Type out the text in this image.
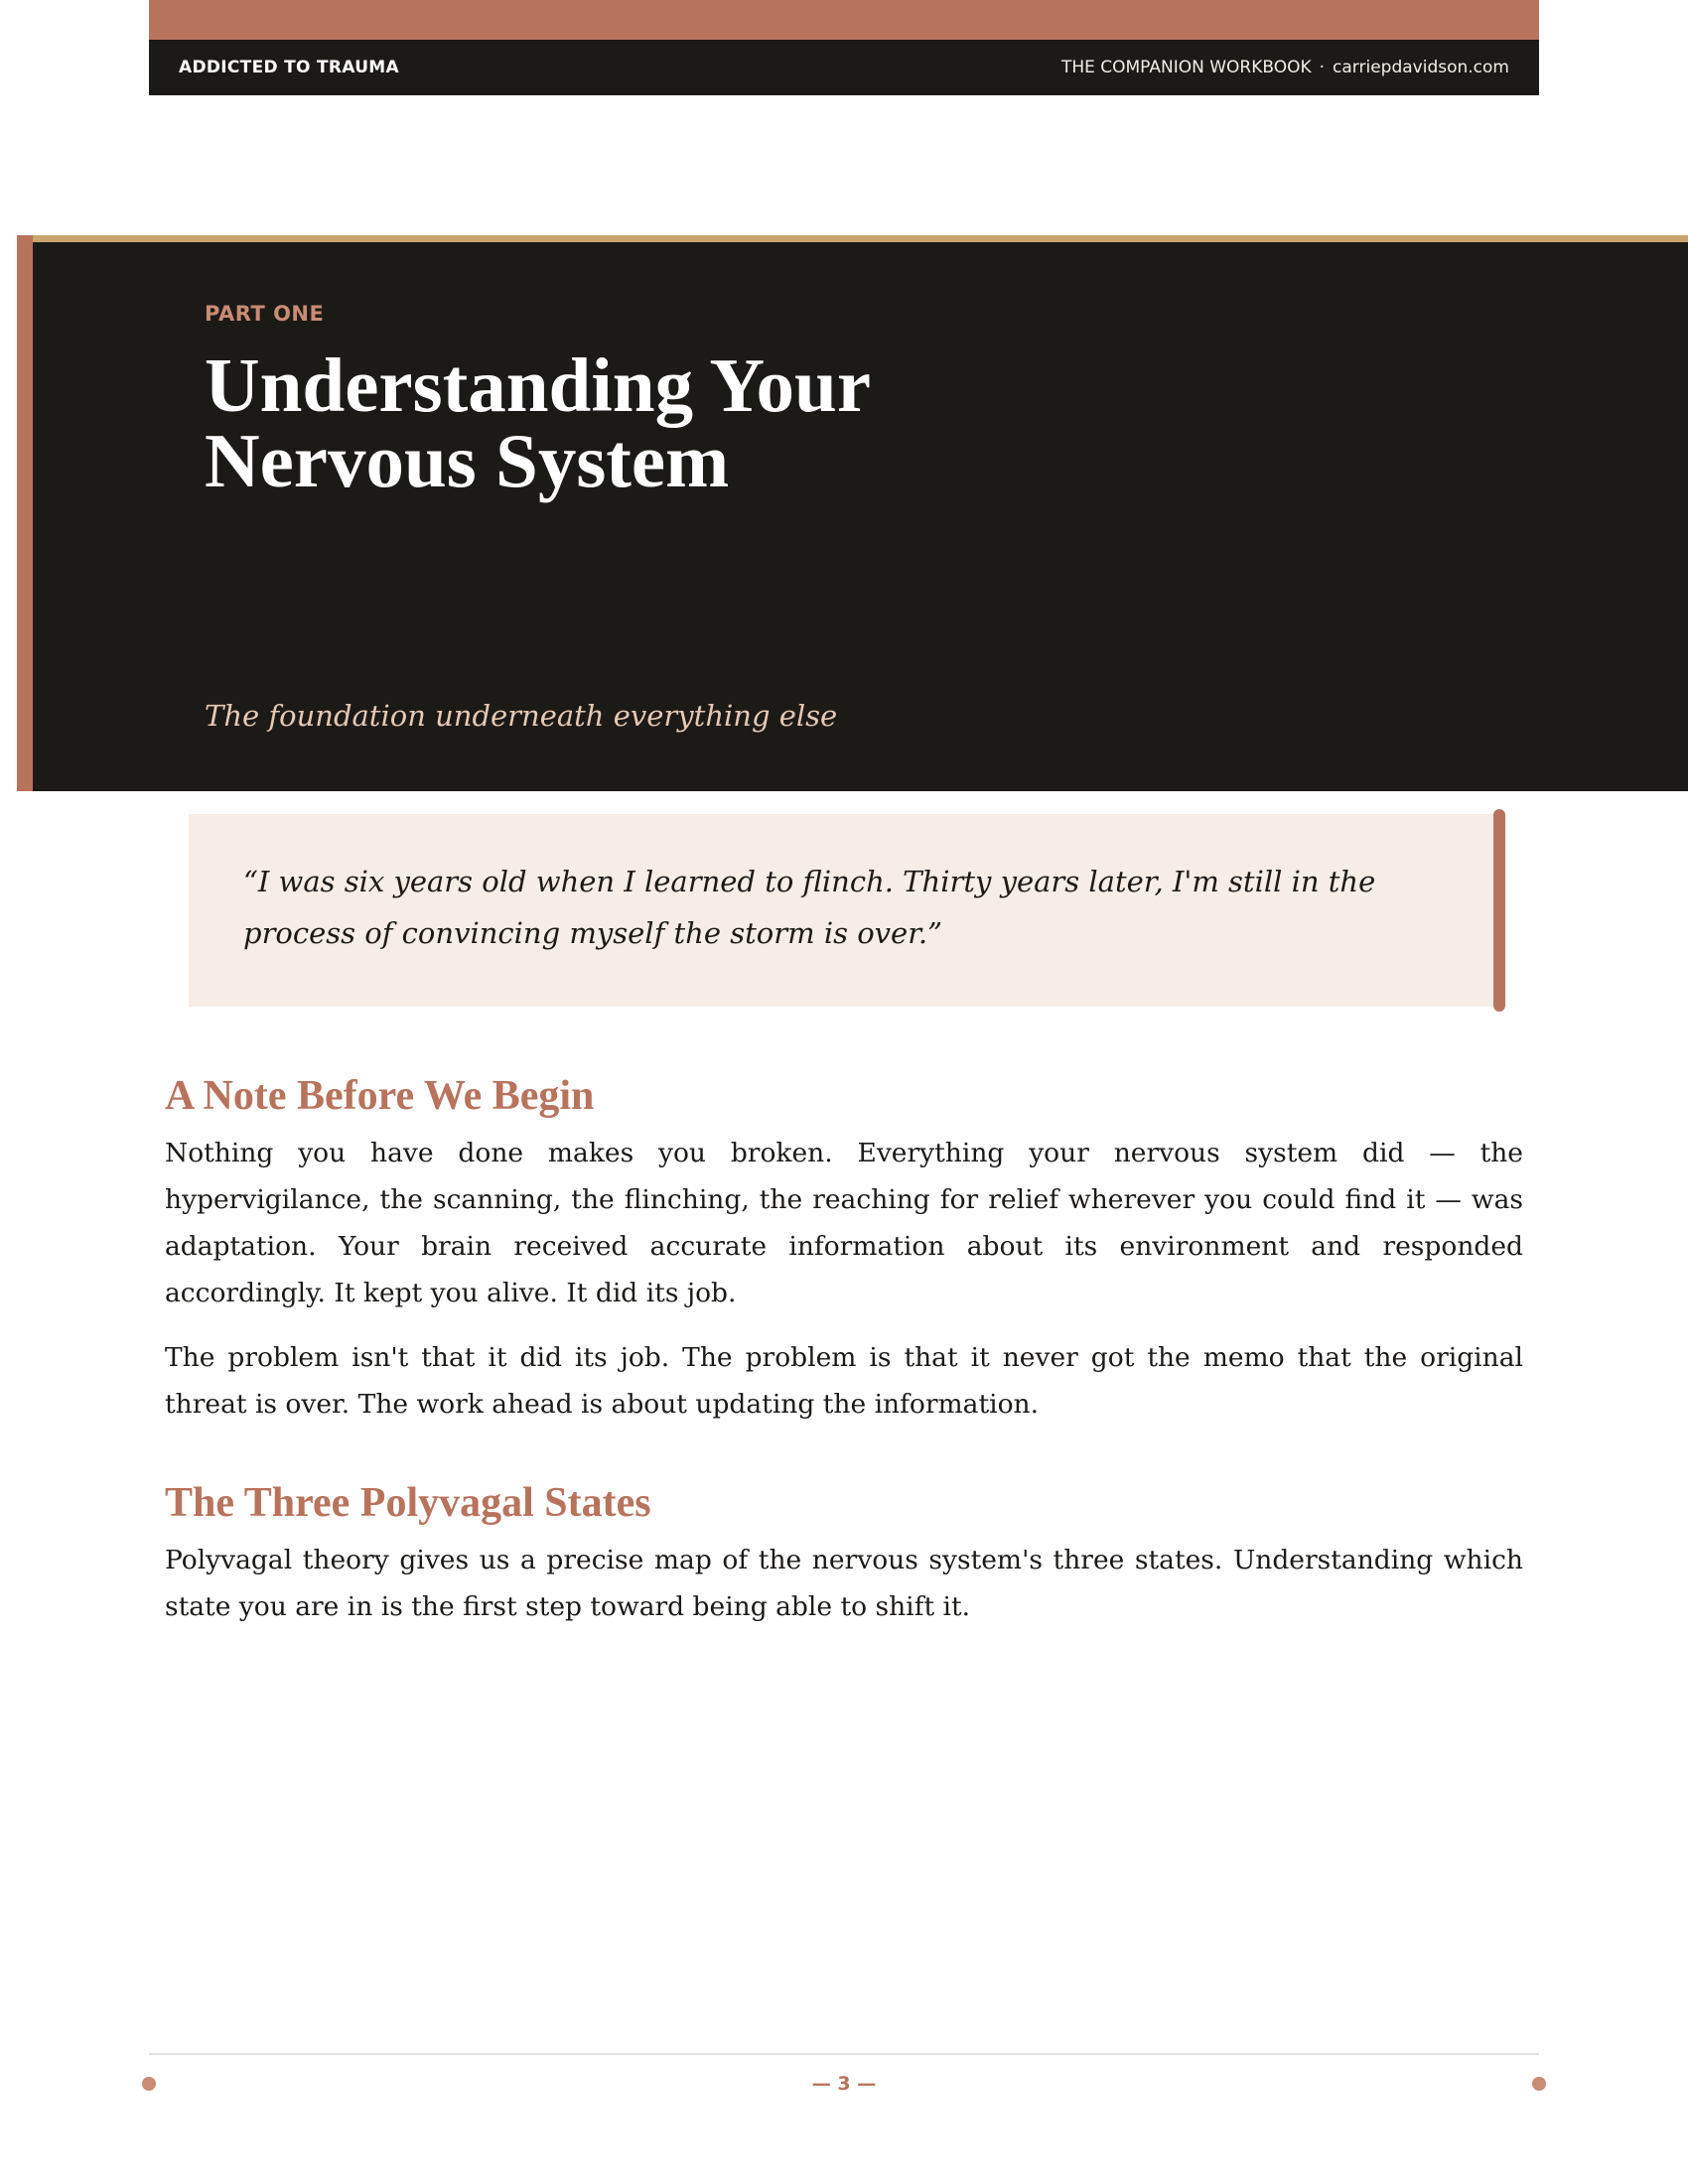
ADDICTED TO TRAUMA	THE COMPANION WORKBOOK · carriepdavidson.com
PART ONE
Understanding Your
Nervous System
The foundation underneath everything else

“I was six years old when I learned to flinch. Thirty years later, I'm still in the process of convincing myself the storm is over.”

A Note Before We Begin

Nothing you have done makes you broken. Everything your nervous system did — the hypervigilance, the scanning, the flinching, the reaching for relief wherever you could find it — was adaptation. Your brain received accurate information about its environment and responded accordingly. It kept you alive. It did its job.

The problem isn't that it did its job. The problem is that it never got the memo that the original threat is over. The work ahead is about updating the information.

The Three Polyvagal States

Polyvagal theory gives us a precise map of the nervous system's three states. Understanding which state you are in is the first step toward being able to shift it.

— 3 —
